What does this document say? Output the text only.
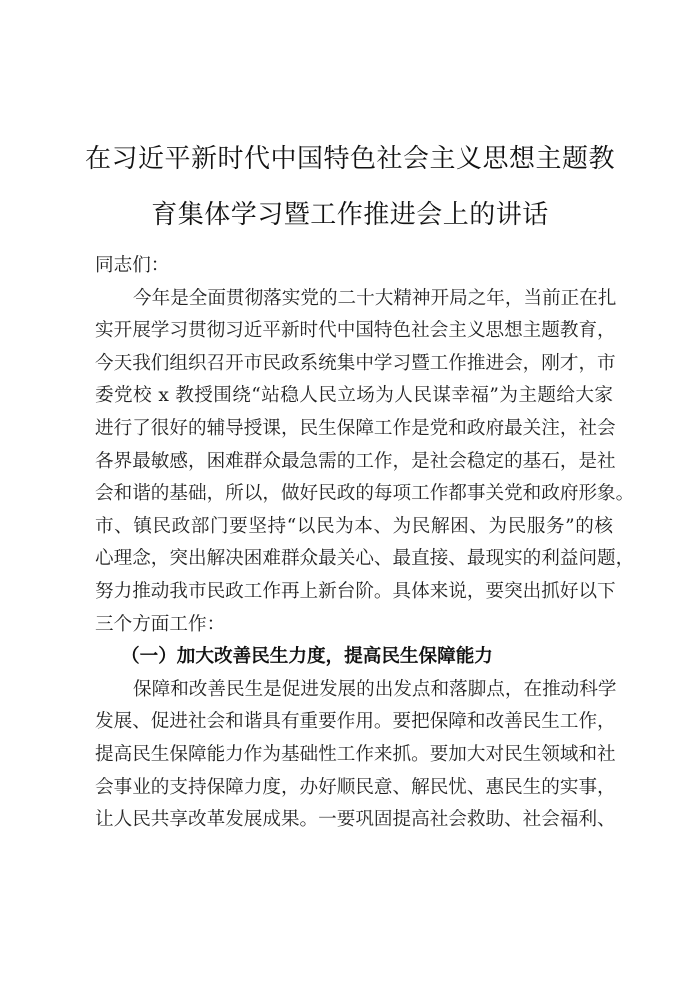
在习近平新时代中国特色社会主义思想主题教
育集体学习暨工作推进会上的讲话
同志们：
今年是全面贯彻落实党的二十大精神开局之年，当前正在扎
实开展学习贯彻习近平新时代中国特色社会主义思想主题教育，
今天我们组织召开市民政系统集中学习暨工作推进会，刚才，市
委党校 x 教授围绕“站稳人民立场为人民谋幸福”为主题给大家
进行了很好的辅导授课，民生保障工作是党和政府最关注，社会
各界最敏感，困难群众最急需的工作，是社会稳定的基石，是社
会和谐的基础，所以，做好民政的每项工作都事关党和政府形象。
市、镇民政部门要坚持“以民为本、为民解困、为民服务”的核
心理念，突出解决困难群众最关心、最直接、最现实的利益问题，
努力推动我市民政工作再上新台阶。具体来说，要突出抓好以下
三个方面工作：
（一）加大改善民生力度，提高民生保障能力
保障和改善民生是促进发展的出发点和落脚点，在推动科学
发展、促进社会和谐具有重要作用。要把保障和改善民生工作，
提高民生保障能力作为基础性工作来抓。要加大对民生领域和社
会事业的支持保障力度，办好顺民意、解民忧、惠民生的实事，
让人民共享改革发展成果。一要巩固提高社会救助、社会福利、
